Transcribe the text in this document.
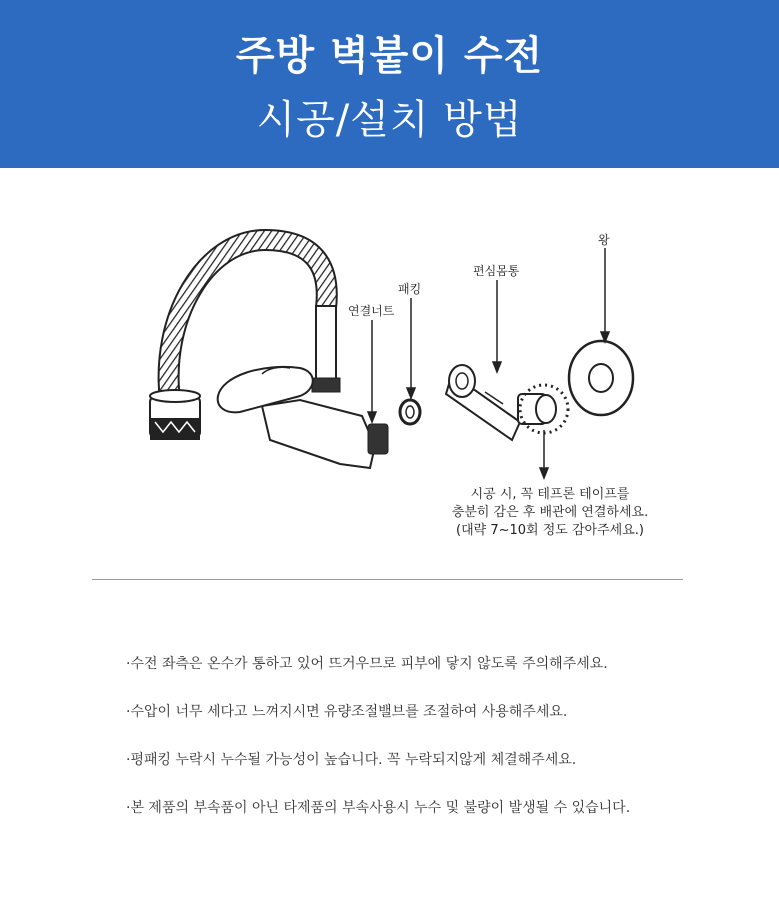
주방 벽붙이 수전
시공/설치 방법
연결너트
패킹
편심몸통
왕
시공 시, 꼭 테프론 테이프를
충분히 감은 후 배관에 연결하세요.
(대략 7~10회 정도 감아주세요.)
·수전 좌측은 온수가 통하고 있어 뜨거우므로 피부에 닿지 않도록 주의해주세요.
·수압이 너무 세다고 느껴지시면 유량조절밸브를 조절하여 사용해주세요.
·평패킹 누락시 누수될 가능성이 높습니다. 꼭 누락되지않게 체결해주세요.
·본 제품의 부속품이 아닌 타제품의 부속사용시 누수 및 불량이 발생될 수 있습니다.
